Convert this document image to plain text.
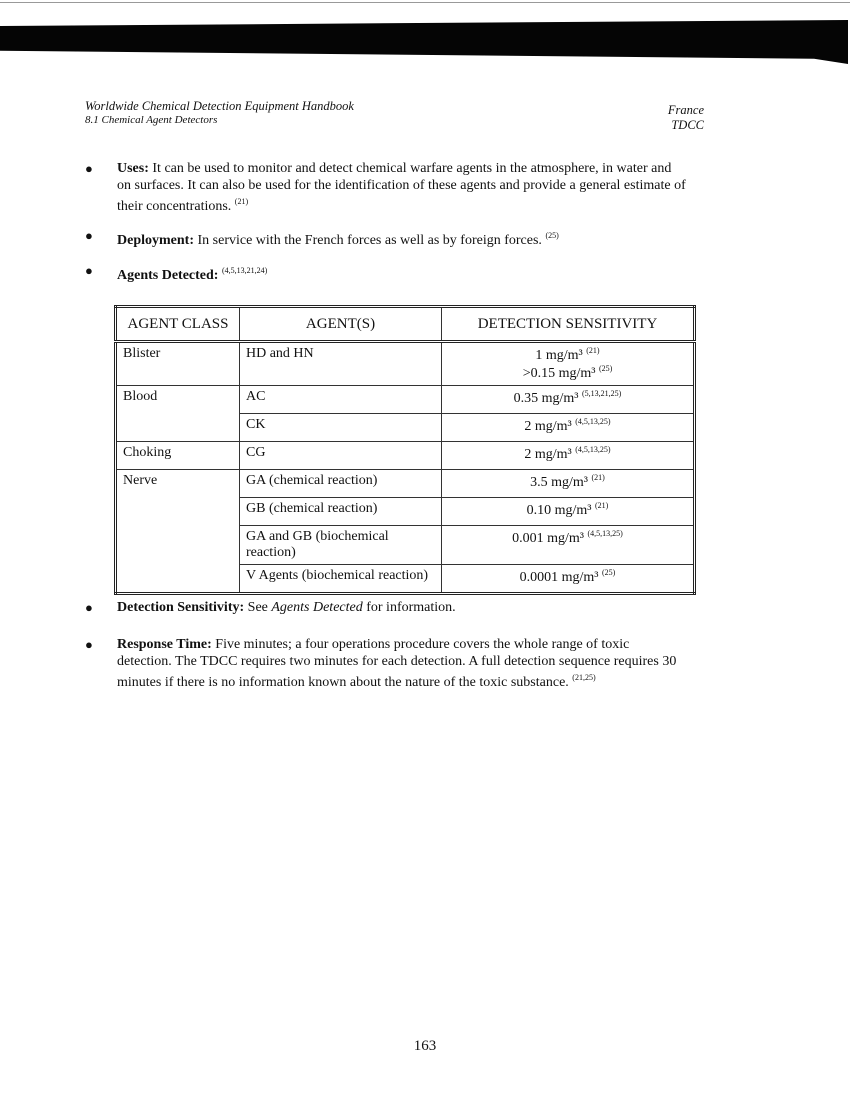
Worldwide Chemical Detection Equipment Handbook
8.1 Chemical Agent Detectors
France
TDCC
● Uses: It can be used to monitor and detect chemical warfare agents in the atmosphere, in water and on surfaces. It can also be used for the identification of these agents and provide a general estimate of their concentrations. $^{(21)}$
● Deployment: In service with the French forces as well as by foreign forces. $^{(25)}$
● Agents Detected: $^{(4,5,13,21,24)}$
AGENT CLASS	AGENT(S)	DETECTION SENSITIVITY
Blister	HD and HN	1 mg/m³ $^{(21)}$
>0.15 mg/m³ $^{(25)}$
Blood	AC	0.35 mg/m³ $^{(5,13,21,25)}$
	CK	2 mg/m³ $^{(4,5,13,25)}$
Choking	CG	2 mg/m³ $^{(4,5,13,25)}$
Nerve	GA (chemical reaction)	3.5 mg/m³ $^{(21)}$
	GB (chemical reaction)	0.10 mg/m³ $^{(21)}$
	GA and GB (biochemical reaction)	0.001 mg/m³ $^{(4,5,13,25)}$
	V Agents (biochemical reaction)	0.0001 mg/m³ $^{(25)}$
● Detection Sensitivity: See Agents Detected for information.
● Response Time: Five minutes; a four operations procedure covers the whole range of toxic detection. The TDCC requires two minutes for each detection. A full detection sequence requires 30 minutes if there is no information known about the nature of the toxic substance. $^{(21,25)}$
163
